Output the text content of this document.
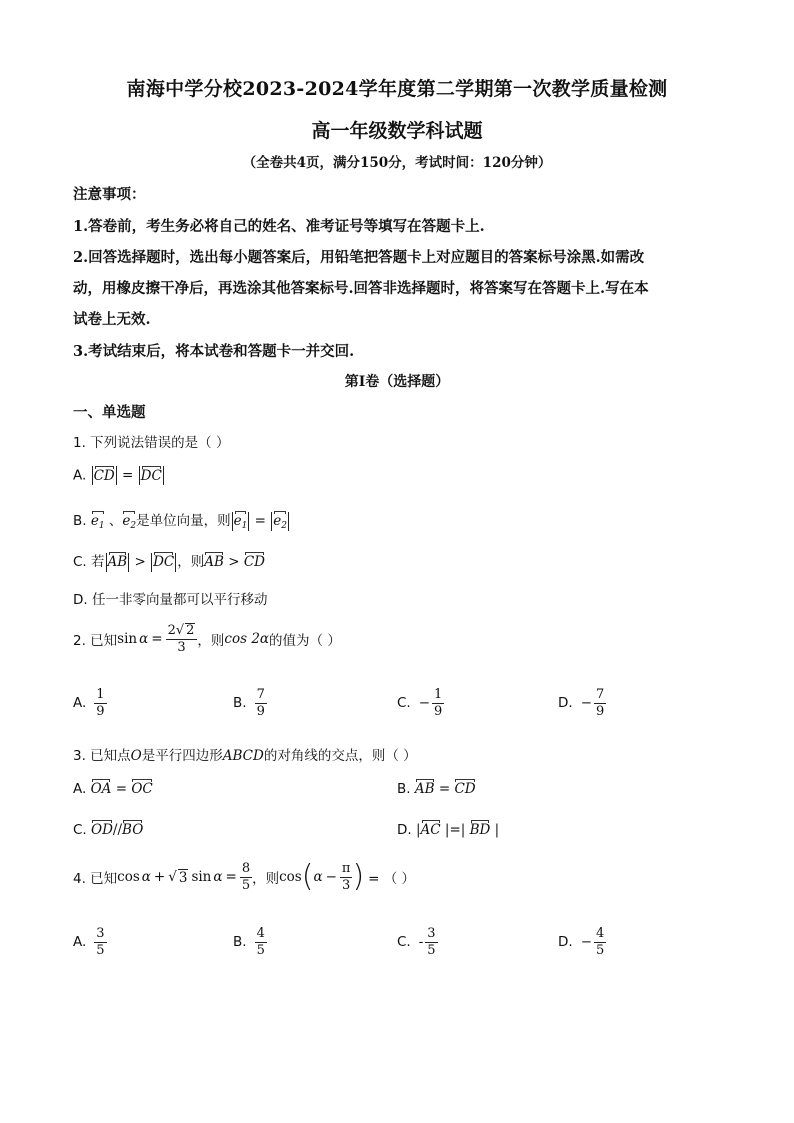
南海中学分校2023-2024学年度第二学期第一次教学质量检测
高一年级数学科试题
（全卷共4页，满分150分，考试时间：120分钟）
注意事项：
1.答卷前，考生务必将自己的姓名、准考证号等填写在答题卡上.
2.回答选择题时，选出每小题答案后，用铅笔把答题卡上对应题目的答案标号涂黑.如需改
动，用橡皮擦干净后，再选涂其他答案标号.回答非选择题时，将答案写在答题卡上.写在本
试卷上无效.
3.考试结束后，将本试卷和答题卡一并交回.
第Ⅰ卷（选择题）
一、单选题
1. 下列说法错误的是（ ）
A. CD = DC
B. $e_1$ 、$e_2$是单位向量，则 $e_1 = e_2$
C. 若 AB > DC ，则AB > CD
D. 任一非零向量都可以平行移动
2. 已知 $\sin \alpha = \frac{2√ 2}{3}$ ，则 cos 2α 的值为（ ）
A. $\frac{1}{9}$	B. $\frac{7}{9}$	C. − $\frac{1}{9}$	D. − $\frac{7}{9}$
3. 已知点O是平行四边形ABCD的对角线的交点，则（ ）
A. OA = OC	B. AB = CD
C. OD//BO	D. |AC |=| BD |
4. 已知 cos α + √ 3 $\sin \alpha = \frac{8}{5}$ ，则 cos ( $\alpha - \frac{\pi}{3}$ ) = （ ）
A. $\frac{3}{5}$	B. $\frac{4}{5}$	C. - $\frac{3}{5}$	D. − $\frac{4}{5}$
